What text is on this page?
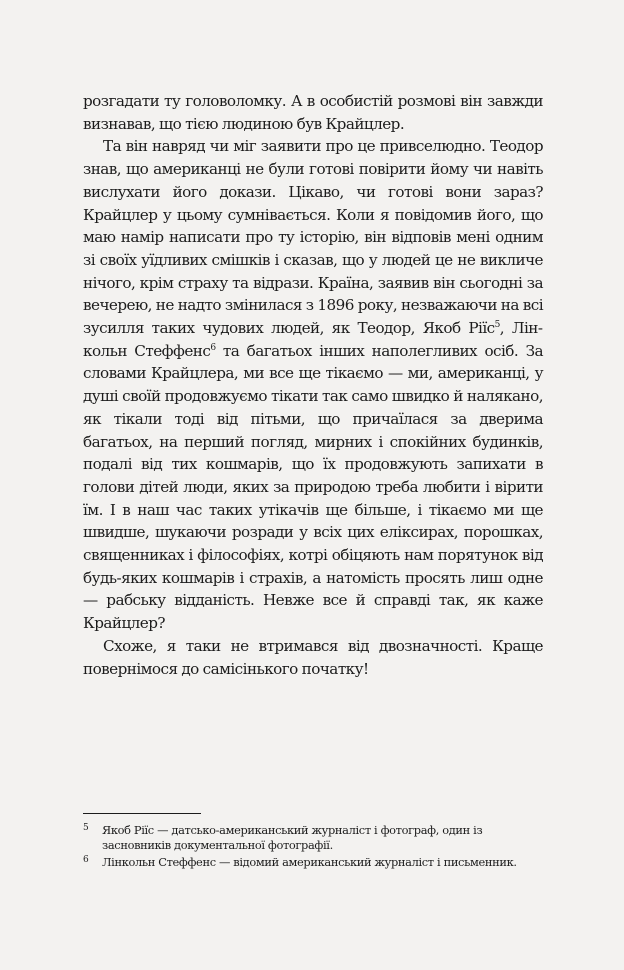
розгадати ту головоломку. А в особистій розмові він завжди визнавав, що тією людиною був Крайцлер.

Та він навряд чи міг заявити про це привселюдно. Теодор знав, що американці не були готові повірити йому чи навіть вислухати його докази. Цікаво, чи готові вони зараз? Крайцлер у цьому сумнівається. Коли я повідомив його, що маю намір написати про ту історію, він відповів мені одним зі своїх уїдливих смішків і сказав, що у людей це не викличе нічого, крім страху та відрази. Країна, заявив він сьогодні за вечерею, не надто змінилася з 1896 року, незважаючи на всі зусилля таких чудових людей, як Теодор, Якоб Ріїс$^5$, Лінкольн Стеффенс$^6$ та багатьох інших наполегливих осіб. За словами Крайцлера, ми все ще тікаємо — ми, американці, у душі своїй продовжуємо тікати так само швидко й налякано, як тікали тоді від пітьми, що причаїлася за дверима багатьох, на перший погляд, мирних і спокійних будинків, подалі від тих кошмарів, що їх продовжують запихати в голови дітей люди, яких за природою треба любити і вірити їм. І в наш час таких утікачів ще більше, і тікаємо ми ще швидше, шукаючи розради у всіх цих еліксирах, порошках, священниках і філософіях, котрі обіцяють нам порятунок від будь-яких кошмарів і страхів, а натомість просять лиш одне — рабську відданість. Невже все й справді так, як каже Крайцлер?

Схоже, я таки не втримався від двозначності. Краще повернімося до самісінького початку!

5 Якоб Ріїс — датсько-американський журналіст і фотограф, один із засновників документальної фотографії.
6 Лінкольн Стеффенс — відомий американський журналіст і письменник.
